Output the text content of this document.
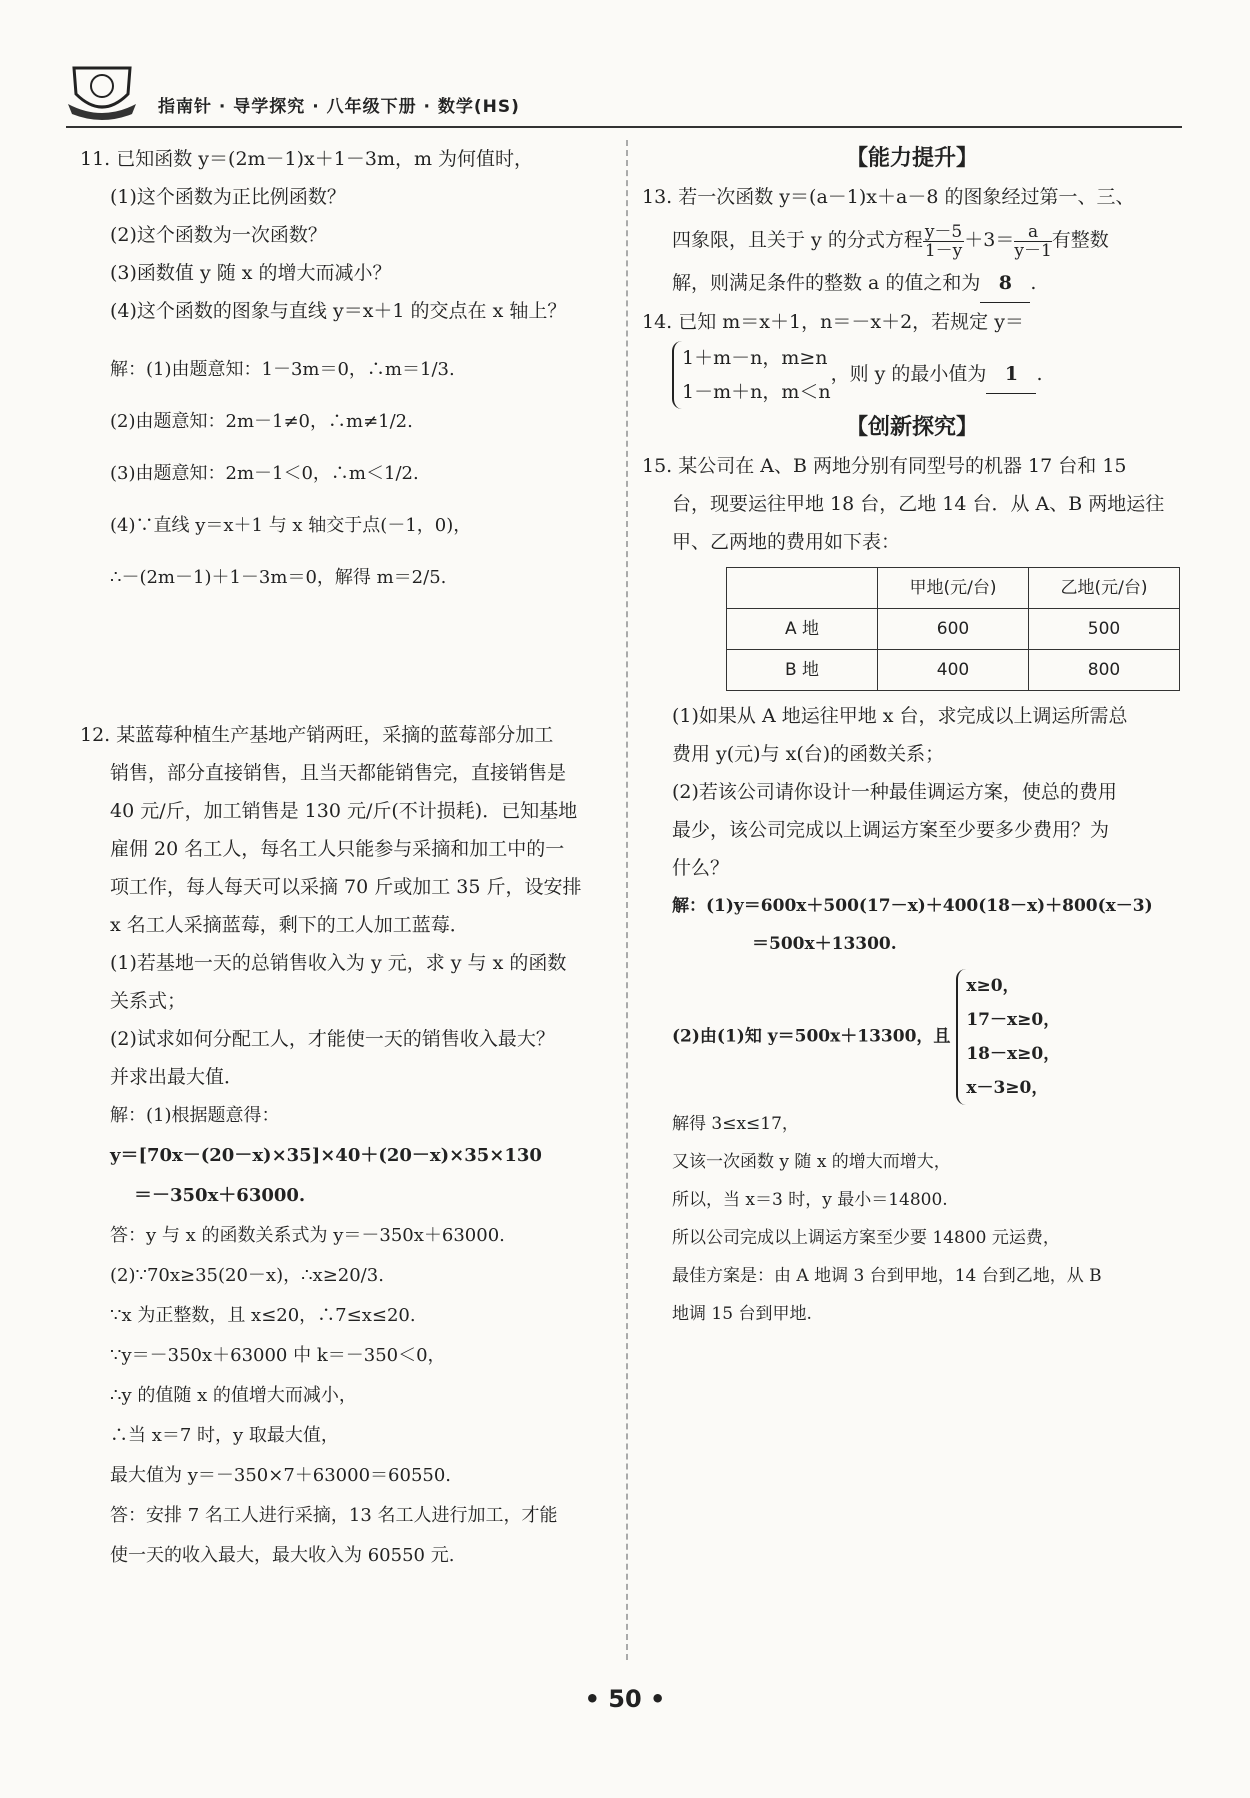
指南针 · 导学探究 · 八年级下册 · 数学(HS)

11. 已知函数 y＝(2m－1)x＋1－3m，m 为何值时，

(1)这个函数为正比例函数？

(2)这个函数为一次函数？

(3)函数值 y 随 x 的增大而减小？

(4)这个函数的图象与直线 y＝x＋1 的交点在 x 轴上？

解：(1)由题意知：1－3m＝0，∴m＝1/3.

(2)由题意知：2m－1≠0，∴m≠1/2.

(3)由题意知：2m－1＜0，∴m＜1/2.

(4)∵直线 y＝x＋1 与 x 轴交于点(－1，0)，

∴－(2m－1)＋1－3m＝0，解得 m＝2/5.

12. 某蓝莓种植生产基地产销两旺，采摘的蓝莓部分加工

销售，部分直接销售，且当天都能销售完，直接销售是

40 元/斤，加工销售是 130 元/斤(不计损耗)．已知基地

雇佣 20 名工人，每名工人只能参与采摘和加工中的一

项工作，每人每天可以采摘 70 斤或加工 35 斤，设安排

x 名工人采摘蓝莓，剩下的工人加工蓝莓．

(1)若基地一天的总销售收入为 y 元，求 y 与 x 的函数

关系式；

(2)试求如何分配工人，才能使一天的销售收入最大？

并求出最大值．

解：(1)根据题意得：

y＝[70x－(20－x)×35]×40＋(20－x)×35×130

＝－350x＋63000.

答：y 与 x 的函数关系式为 y＝－350x＋63000.

(2)∵70x≥35(20－x)，∴x≥20/3.

∵x 为正整数，且 x≤20，∴7≤x≤20.

∵y＝－350x＋63000 中 k＝－350＜0，

∴y 的值随 x 的值增大而减小，

∴当 x＝7 时，y 取最大值，

最大值为 y＝－350×7＋63000＝60550.

答：安排 7 名工人进行采摘，13 名工人进行加工，才能

使一天的收入最大，最大收入为 60550 元.

【能力提升】

13. 若一次函数 y＝(a－1)x＋a－8 的图象经过第一、三、

四象限，且关于 y 的分式方程 $\frac{y-5}{1-y} +3= \frac{a}{y-1}$ 有整数

解，则满足条件的整数 a 的值之和为 8 .

14. 已知 m＝x＋1，n＝－x＋2，若规定 y＝

1＋m－n，m≥n
1－m＋n，m＜n
，则 y 的最小值为 1 .

【创新探究】

15. 某公司在 A、B 两地分别有同型号的机器 17 台和 15

台，现要运往甲地 18 台，乙地 14 台．从 A、B 两地运往

甲、乙两地的费用如下表：

	甲地(元/台)	乙地(元/台)
A 地	600	500
B 地	400	800

(1)如果从 A 地运往甲地 x 台，求完成以上调运所需总

费用 y(元)与 x(台)的函数关系；

(2)若该公司请你设计一种最佳调运方案，使总的费用

最少，该公司完成以上调运方案至少要多少费用？为

什么？

解：(1)y＝600x＋500(17－x)＋400(18－x)＋800(x－3)

＝500x＋13300.

(2)由(1)知 y＝500x＋13300，且
x≥0，
17－x≥0，
18－x≥0，
x－3≥0，

解得 3≤x≤17，

又该一次函数 y 随 x 的增大而增大，

所以，当 x＝3 时，y 最小＝14800.

所以公司完成以上调运方案至少要 14800 元运费，

最佳方案是：由 A 地调 3 台到甲地，14 台到乙地，从 B

地调 15 台到甲地.

• 50 •
